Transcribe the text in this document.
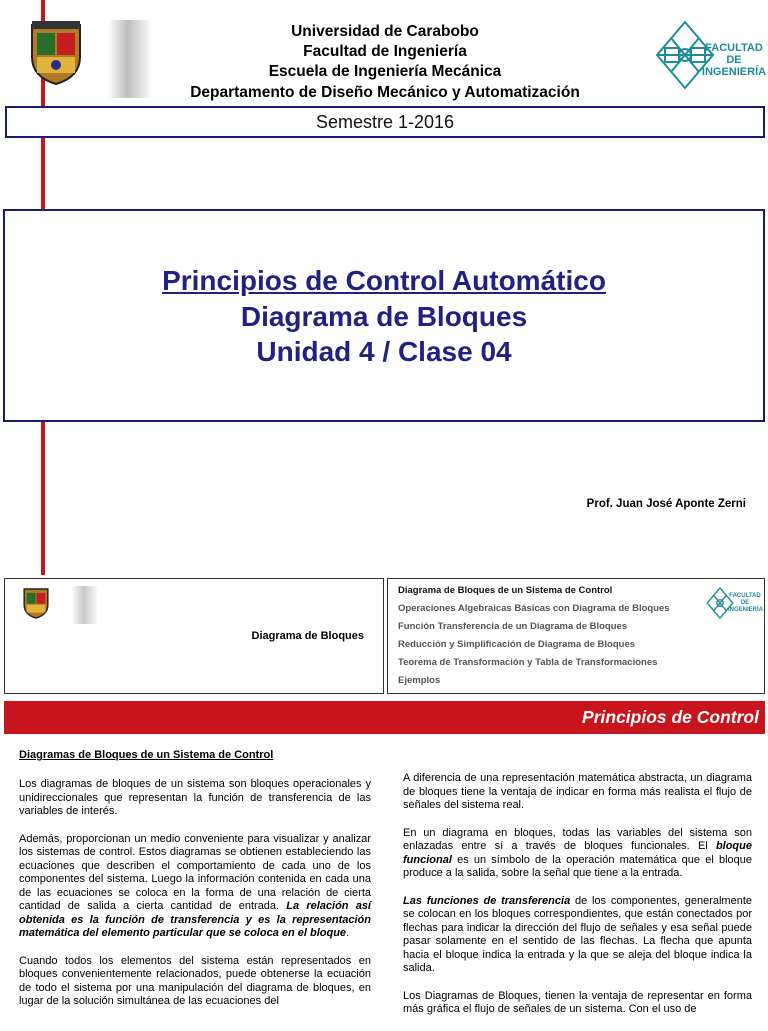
Universidad de Carabobo
Facultad de Ingeniería
Escuela de Ingeniería Mecánica
Departamento de Diseño Mecánico y Automatización
FACULTAD
DE
INGENIERÍA
Semestre 1-2016
Principios de Control Automático
Diagrama de Bloques
Unidad 4 / Clase 04
Prof. Juan José Aponte Zerni
Diagrama de Bloques
Diagrama de Bloques de un Sistema de Control
Operaciones Algebraicas Básicas con Diagrama de Bloques
Función Transferencia de un Diagrama de Bloques
Reducción y Simplificación de Diagrama de Bloques
Teorema de Transformación y Tabla de Transformaciones
Ejemplos
FACULTAD
DE
INGENIERÍA
Principios de Control
Diagramas de Bloques de un Sistema de Control

Los diagramas de bloques de un sistema son bloques operacionales y unidireccionales que representan la función de transferencia de las variables de interés.

Además, proporcionan un medio conveniente para visualizar y analizar los sistemas de control. Estos diagramas se obtienen estableciendo las ecuaciones que describen el comportamiento de cada uno de los componentes del sistema. Luego la información contenida en cada una de las ecuaciones se coloca en la forma de una relación de cierta cantidad de salida a cierta cantidad de entrada. La relación así obtenida es la función de transferencia y es la representación matemática del elemento particular que se coloca en el bloque.

Cuando todos los elementos del sistema están representados en bloques convenientemente relacionados, puede obtenerse la ecuación de todo el sistema por una manipulación del diagrama de bloques, en lugar de la solución simultánea de las ecuaciones del

A diferencia de una representación matemática abstracta, un diagrama de bloques tiene la ventaja de indicar en forma más realista el flujo de señales del sistema real.

En un diagrama en bloques, todas las variables del sistema son enlazadas entre sí a través de bloques funcionales. El bloque funcional es un símbolo de la operación matemática que el bloque produce a la salida, sobre la señal que tiene a la entrada.

Las funciones de transferencia de los componentes, generalmente se colocan en los bloques correspondientes, que están conectados por flechas para indicar la dirección del flujo de señales y esa señal puede pasar solamente en el sentido de las flechas. La flecha que apunta hacia el bloque indica la entrada y la que se aleja del bloque indica la salida.

Los Diagramas de Bloques, tienen la ventaja de representar en forma más gráfica el flujo de señales de un sistema. Con el uso de
